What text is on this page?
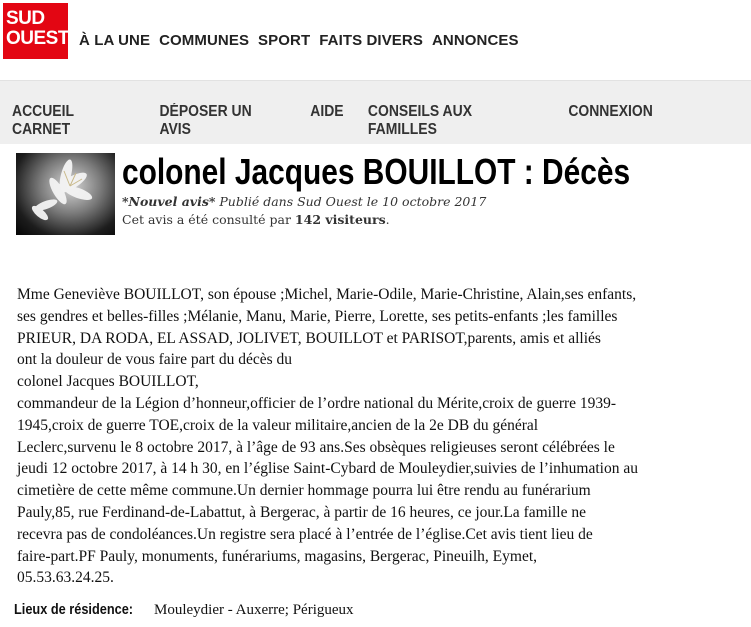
SUD
OUEST À LA UNE COMMUNES SPORT FAITS DIVERS ANNONCES
ACCUEIL CARNET
DÉPOSER UN AVIS
AIDE CONSEILS AUX FAMILLES
CONNEXION
colonel Jacques BOUILLOT : Décès
*Nouvel avis* Publié dans Sud Ouest le 10 octobre 2017
Cet avis a été consulté par 142 visiteurs.
Mme Geneviève BOUILLOT, son épouse ;Michel, Marie-Odile, Marie-Christine, Alain,ses enfants,
ses gendres et belles-filles ;Mélanie, Manu, Marie, Pierre, Lorette, ses petits-enfants ;les familles
PRIEUR, DA RODA, EL ASSAD, JOLIVET, BOUILLOT et PARISOT,parents, amis et alliés
ont la douleur de vous faire part du décès du
colonel Jacques BOUILLOT,
commandeur de la Légion d’honneur,officier de l’ordre national du Mérite,croix de guerre 1939-
1945,croix de guerre TOE,croix de la valeur militaire,ancien de la 2e DB du général
Leclerc,survenu le 8 octobre 2017, à l’âge de 93 ans.Ses obsèques religieuses seront célébrées le
jeudi 12 octobre 2017, à 14 h 30, en l’église Saint-Cybard de Mouleydier,suivies de l’inhumation au
cimetière de cette même commune.Un dernier hommage pourra lui être rendu au funérarium
Pauly,85, rue Ferdinand-de-Labattut, à Bergerac, à partir de 16 heures, ce jour.La famille ne
recevra pas de condoléances.Un registre sera placé à l’entrée de l’église.Cet avis tient lieu de
faire-part.PF Pauly, monuments, funérariums, magasins, Bergerac, Pineuilh, Eymet,
05.53.63.24.25.
Lieux de résidence: Mouleydier - Auxerre; Périgueux
